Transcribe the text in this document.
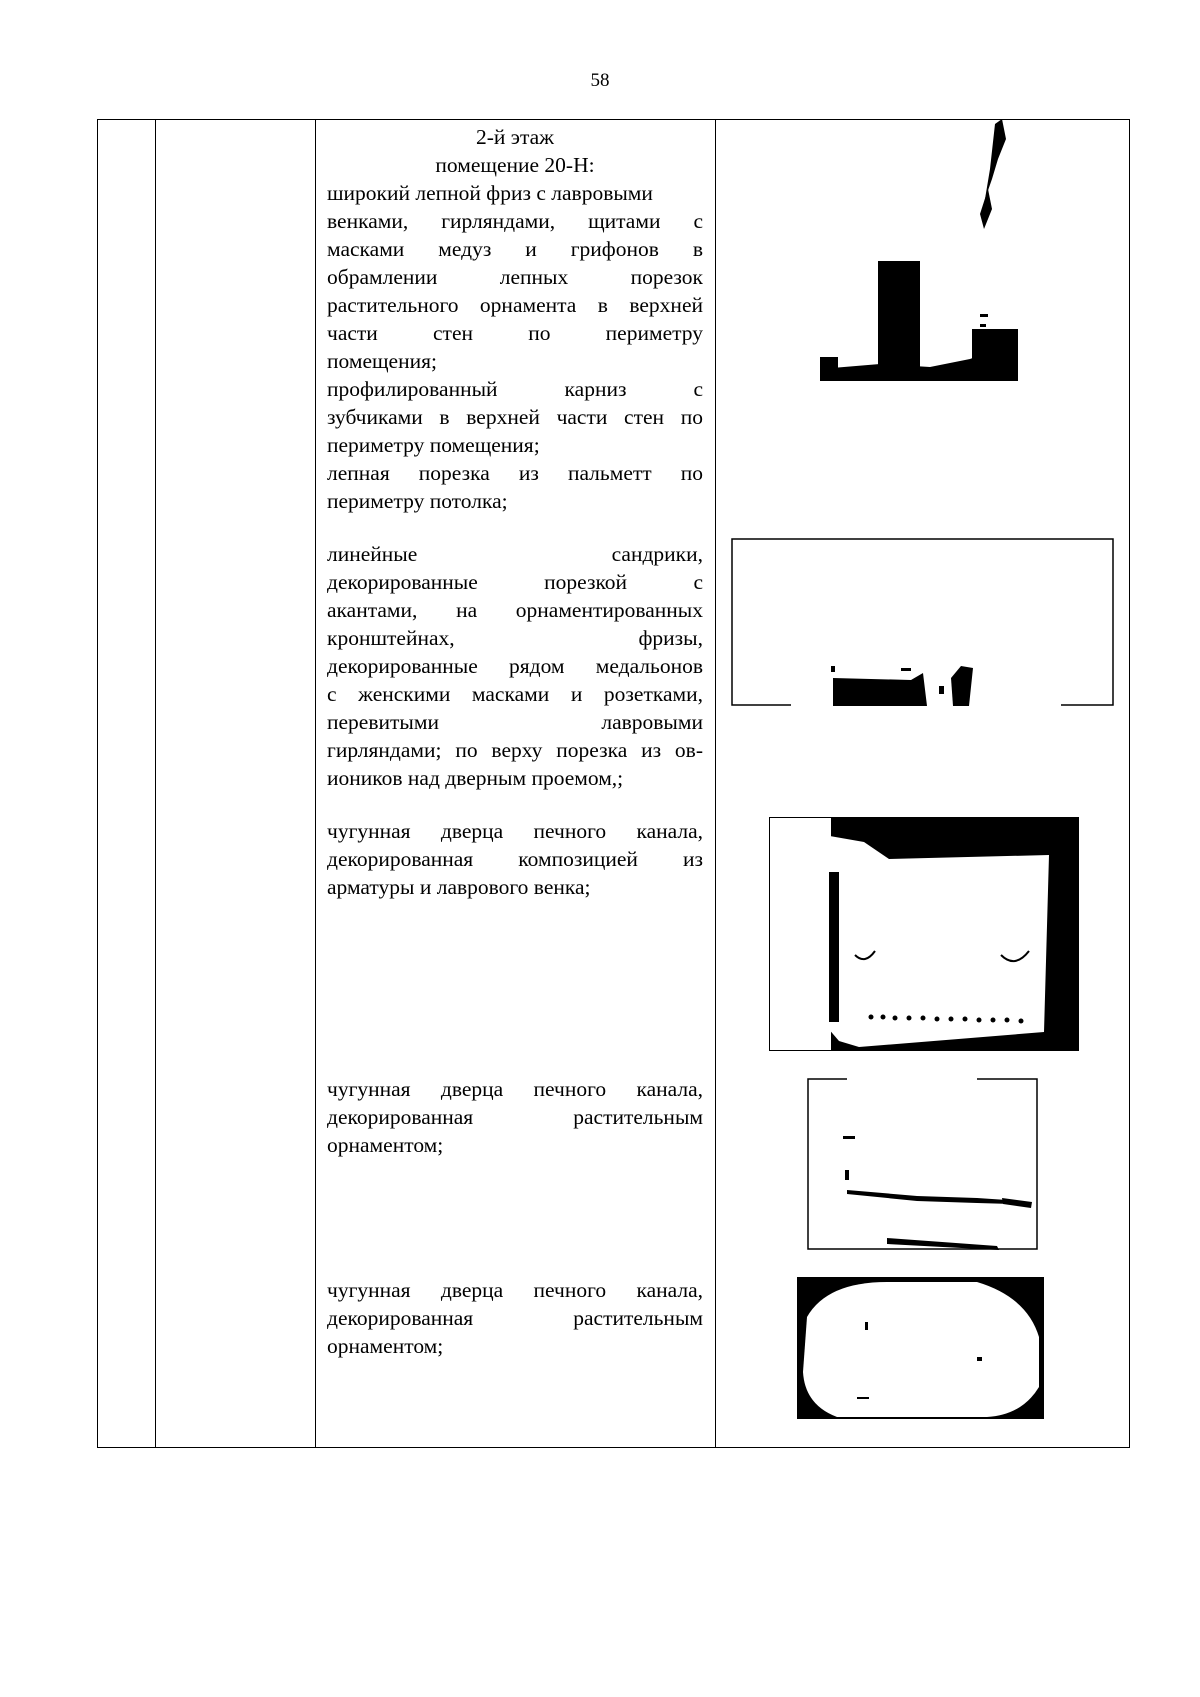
58
2-й этаж
помещение 20-Н:
широкий лепной фриз с лавровыми
венками, гирляндами, щитами с
масками медуз и грифонов в
обрамлении лепных порезок
растительного орнамента в верхней
части стен по периметру
помещения;
профилированный карниз с
зубчиками в верхней части стен по
периметру помещения;
лепная порезка из пальметт по
периметру потолка;
линейные сандрики,
декорированные порезкой с
акантами, на орнаментированных
кронштейнах, фризы,
декорированные рядом медальонов
с женскими масками и розетками,
перевитыми лавровыми
гирляндами; по верху порезка из ов-
иоников над дверным проемом,;
чугунная дверца печного канала,
декорированная композицией из
арматуры и лаврового венка;
чугунная дверца печного канала,
декорированная растительным
орнаментом;
чугунная дверца печного канала,
декорированная растительным
орнаментом;
